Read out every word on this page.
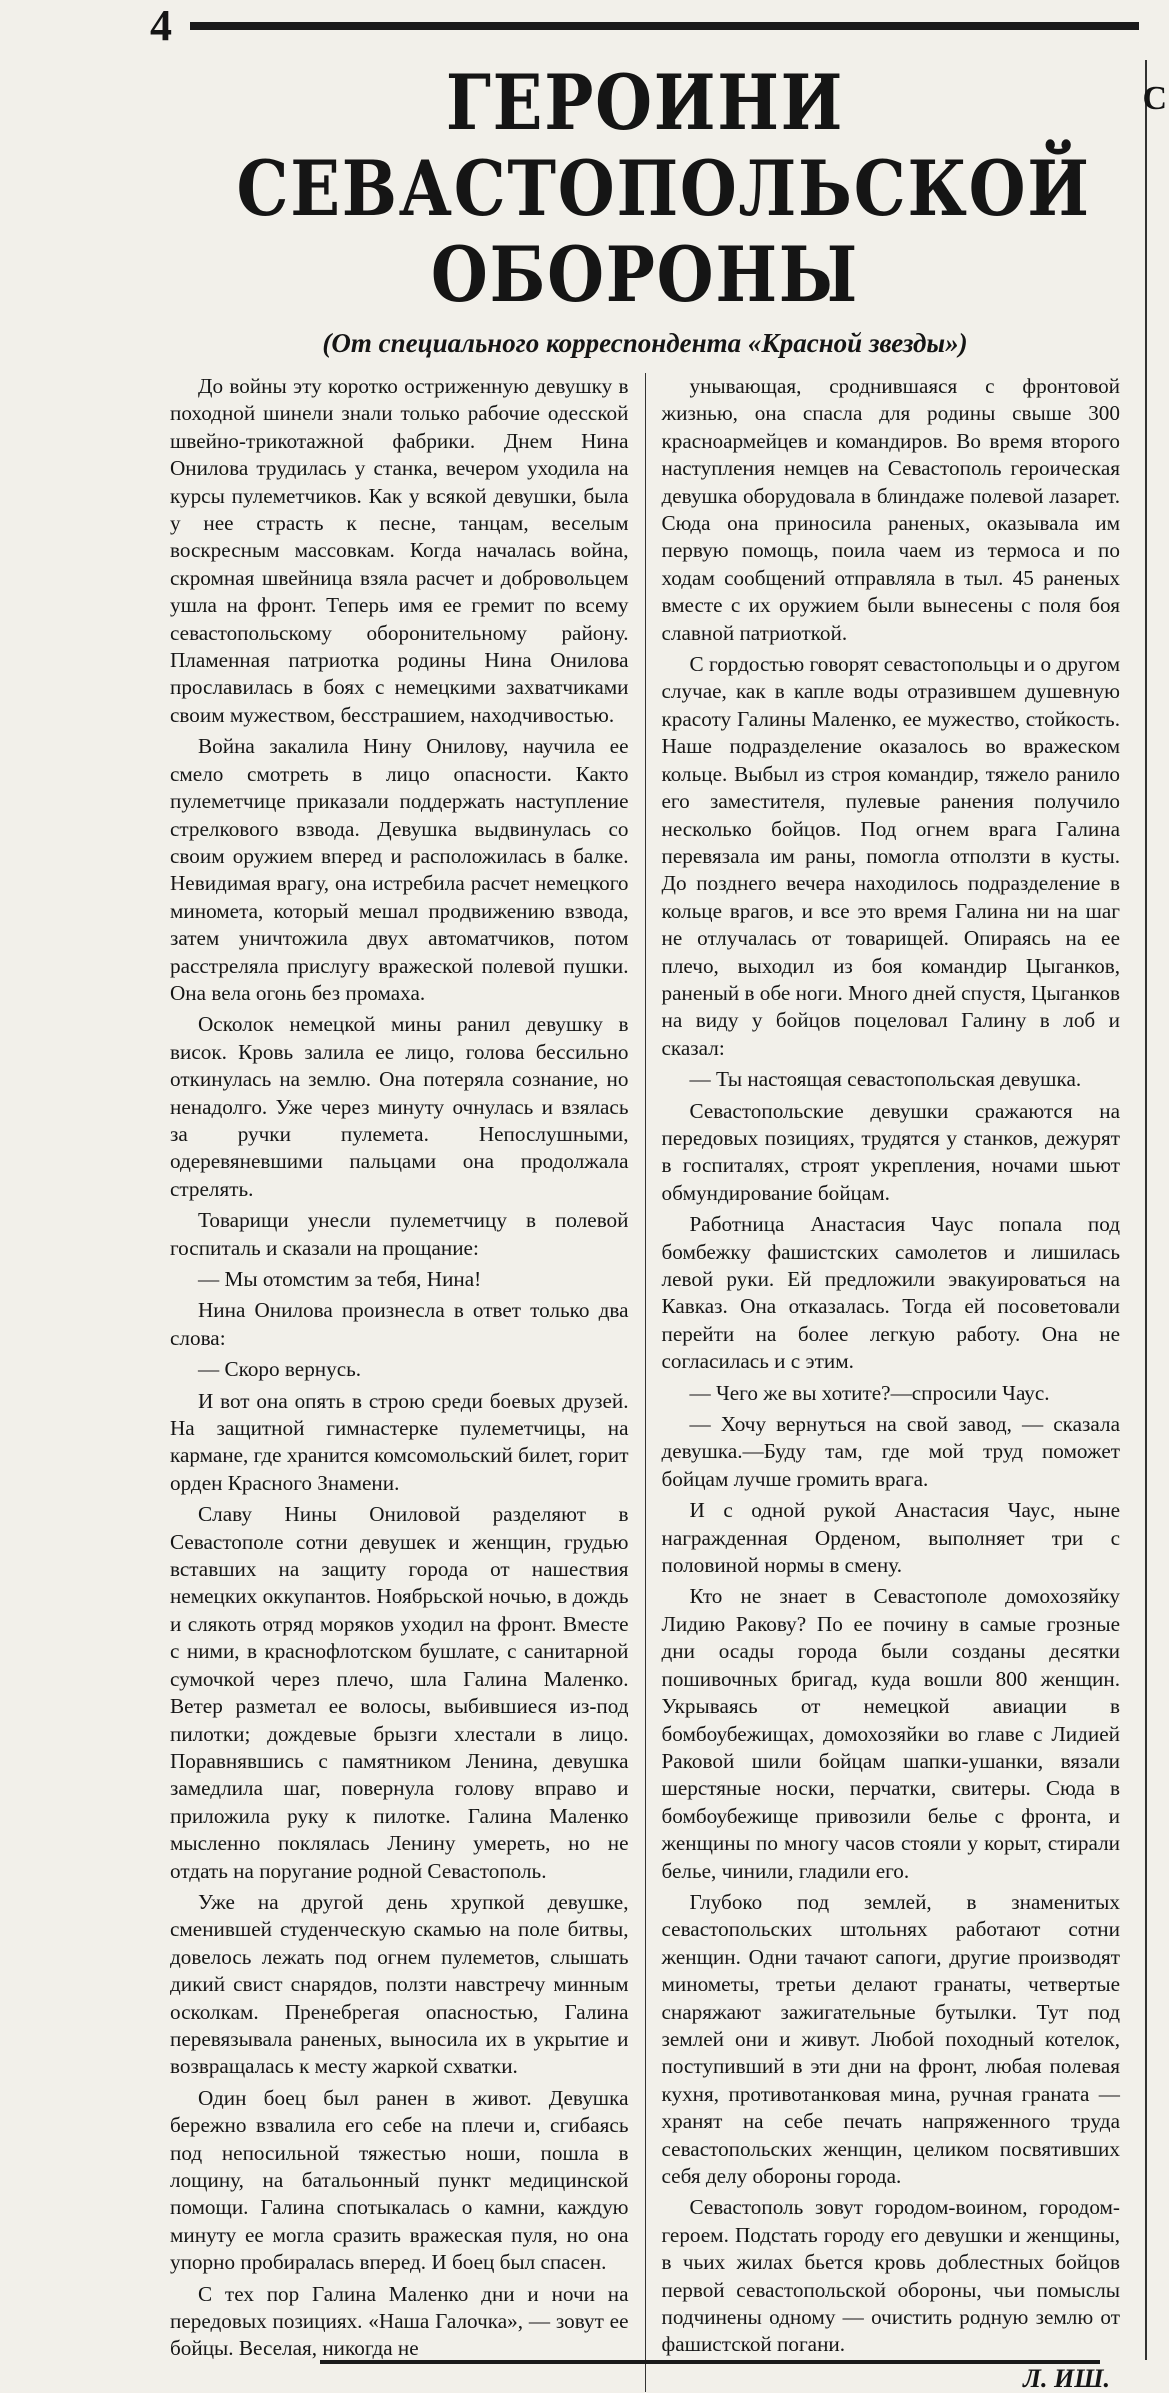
4
С
ГЕРОИНИ СЕВАСТОПОЛЬСКОЙ ОБОРОНЫ
(От специального корреспондента «Красной звезды»)

До войны эту коротко остриженную девушку в походной шинели знали только рабочие одесской швейно-трикотажной фабрики. Днем Нина Онилова трудилась у станка, вечером уходила на курсы пулеметчиков. Как у всякой девушки, была у нее страсть к песне, танцам, веселым воскресным массовкам. Когда началась война, скромная швейница взяла расчет и добровольцем ушла на фронт. Теперь имя ее гремит по всему севастопольскому оборонительному району. Пламенная патриотка родины Нина Онилова прославилась в боях с немецкими захватчиками своим мужеством, бесстрашием, находчивостью.

Война закалила Нину Онилову, научила ее смело смотреть в лицо опасности. Както пулеметчице приказали поддержать наступление стрелкового взвода. Девушка выдвинулась со своим оружием вперед и расположилась в балке. Невидимая врагу, она истребила расчет немецкого миномета, который мешал продвижению взвода, затем уничтожила двух автоматчиков, потом расстреляла прислугу вражеской полевой пушки. Она вела огонь без промаха.

Осколок немецкой мины ранил девушку в висок. Кровь залила ее лицо, голова бессильно откинулась на землю. Она потеряла сознание, но ненадолго. Уже через минуту очнулась и взялась за ручки пулемета. Непослушными, одеревяневшими пальцами она продолжала стрелять.

Товарищи унесли пулеметчицу в полевой госпиталь и сказали на прощание:

— Мы отомстим за тебя, Нина!

Нина Онилова произнесла в ответ только два слова:

— Скоро вернусь.

И вот она опять в строю среди боевых друзей. На защитной гимнастерке пулеметчицы, на кармане, где хранится комсомольский билет, горит орден Красного Знамени.

Славу Нины Ониловой разделяют в Севастополе сотни девушек и женщин, грудью вставших на защиту города от нашествия немецких оккупантов. Ноябрьской ночью, в дождь и слякоть отряд моряков уходил на фронт. Вместе с ними, в краснофлотском бушлате, с санитарной сумочкой через плечо, шла Галина Маленко. Ветер разметал ее волосы, выбившиеся из-под пилотки; дождевые брызги хлестали в лицо. Поравнявшись с памятником Ленина, девушка замедлила шаг, повернула голову вправо и приложила руку к пилотке. Галина Маленко мысленно поклялась Ленину умереть, но не отдать на поругание родной Севастополь.

Уже на другой день хрупкой девушке, сменившей студенческую скамью на поле битвы, довелось лежать под огнем пулеметов, слышать дикий свист снарядов, ползти навстречу минным осколкам. Пренебрегая опасностью, Галина перевязывала раненых, выносила их в укрытие и возвращалась к месту жаркой схватки.

Один боец был ранен в живот. Девушка бережно взвалила его себе на плечи и, сгибаясь под непосильной тяжестью ноши, пошла в лощину, на батальонный пункт медицинской помощи. Галина спотыкалась о камни, каждую минуту ее могла сразить вражеская пуля, но она упорно пробиралась вперед. И боец был спасен.

С тех пор Галина Маленко дни и ночи на передовых позициях. «Наша Галочка», — зовут ее бойцы. Веселая, никогда не

унывающая, сроднившаяся с фронтовой жизнью, она спасла для родины свыше 300 красноармейцев и командиров. Во время второго наступления немцев на Севастополь героическая девушка оборудовала в блиндаже полевой лазарет. Сюда она приносила раненых, оказывала им первую помощь, поила чаем из термоса и по ходам сообщений отправляла в тыл. 45 раненых вместе с их оружием были вынесены с поля боя славной патриоткой.

С гордостью говорят севастопольцы и о другом случае, как в капле воды отразившем душевную красоту Галины Маленко, ее мужество, стойкость. Наше подразделение оказалось во вражеском кольце. Выбыл из строя командир, тяжело ранило его заместителя, пулевые ранения получило несколько бойцов. Под огнем врага Галина перевязала им раны, помогла отползти в кусты. До позднего вечера находилось подразделение в кольце врагов, и все это время Галина ни на шаг не отлучалась от товарищей. Опираясь на ее плечо, выходил из боя командир Цыганков, раненый в обе ноги. Много дней спустя, Цыганков на виду у бойцов поцеловал Галину в лоб и сказал:

— Ты настоящая севастопольская девушка.

Севастопольские девушки сражаются на передовых позициях, трудятся у станков, дежурят в госпиталях, строят укрепления, ночами шьют обмундирование бойцам.

Работница Анастасия Чаус попала под бомбежку фашистских самолетов и лишилась левой руки. Ей предложили эвакуироваться на Кавказ. Она отказалась. Тогда ей посоветовали перейти на более легкую работу. Она не согласилась и с этим.

— Чего же вы хотите?—спросили Чаус.

— Хочу вернуться на свой завод, — сказала девушка.—Буду там, где мой труд поможет бойцам лучше громить врага.

И с одной рукой Анастасия Чаус, ныне награжденная Орденом, выполняет три с половиной нормы в смену.

Кто не знает в Севастополе домохозяйку Лидию Ракову? По ее почину в самые грозные дни осады города были созданы десятки пошивочных бригад, куда вошли 800 женщин. Укрываясь от немецкой авиации в бомбоубежищах, домохозяйки во главе с Лидией Раковой шили бойцам шапки-ушанки, вязали шерстяные носки, перчатки, свитеры. Сюда в бомбоубежище привозили белье с фронта, и женщины по многу часов стояли у корыт, стирали белье, чинили, гладили его.

Глубоко под землей, в знаменитых севастопольских штольнях работают сотни женщин. Одни тачают сапоги, другие производят минометы, третьи делают гранаты, четвертые снаряжают зажигательные бутылки. Тут под землей они и живут. Любой походный котелок, поступивший в эти дни на фронт, любая полевая кухня, противотанковая мина, ручная граната — хранят на себе печать напряженного труда севастопольских женщин, целиком посвятивших себя делу обороны города.

Севастополь зовут городом-воином, городом-героем. Подстать городу его девушки и женщины, в чьих жилах бьется кровь доблестных бойцов первой севастопольской обороны, чьи помыслы подчинены одному — очистить родную землю от фашистской погани.

Л. ИШ.
